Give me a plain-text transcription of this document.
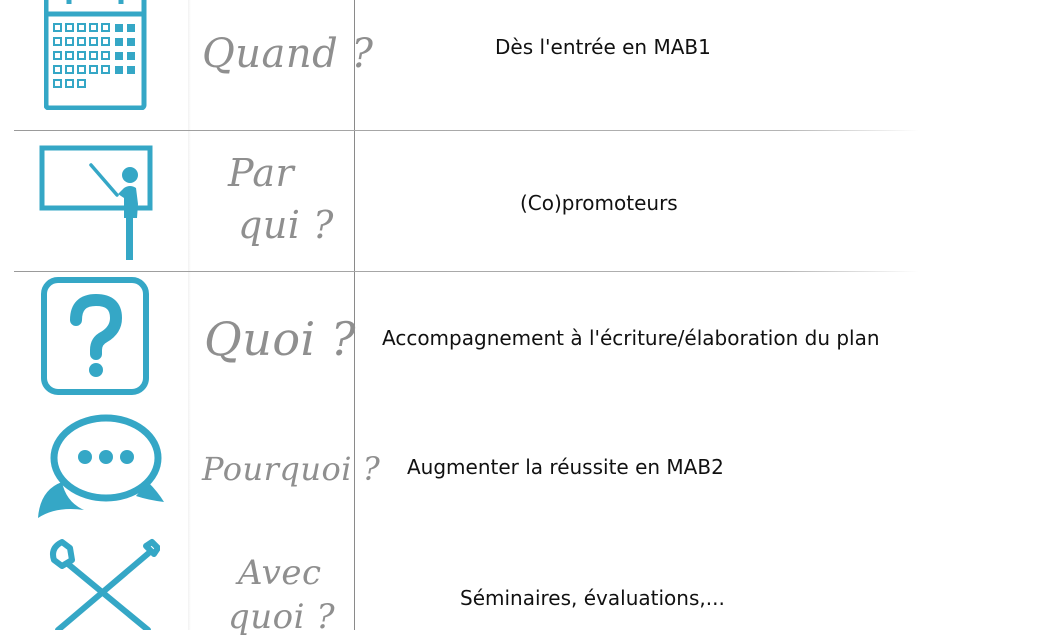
Quand ?	Dès l'entrée en MAB1
Par
qui ?	(Co)promoteurs
Quoi ? Accompagnement à l'écriture/élaboration du plan
Pourquoi ? Augmenter la réussite en MAB2
Avec
quoi ?	Séminaires, évaluations,...
